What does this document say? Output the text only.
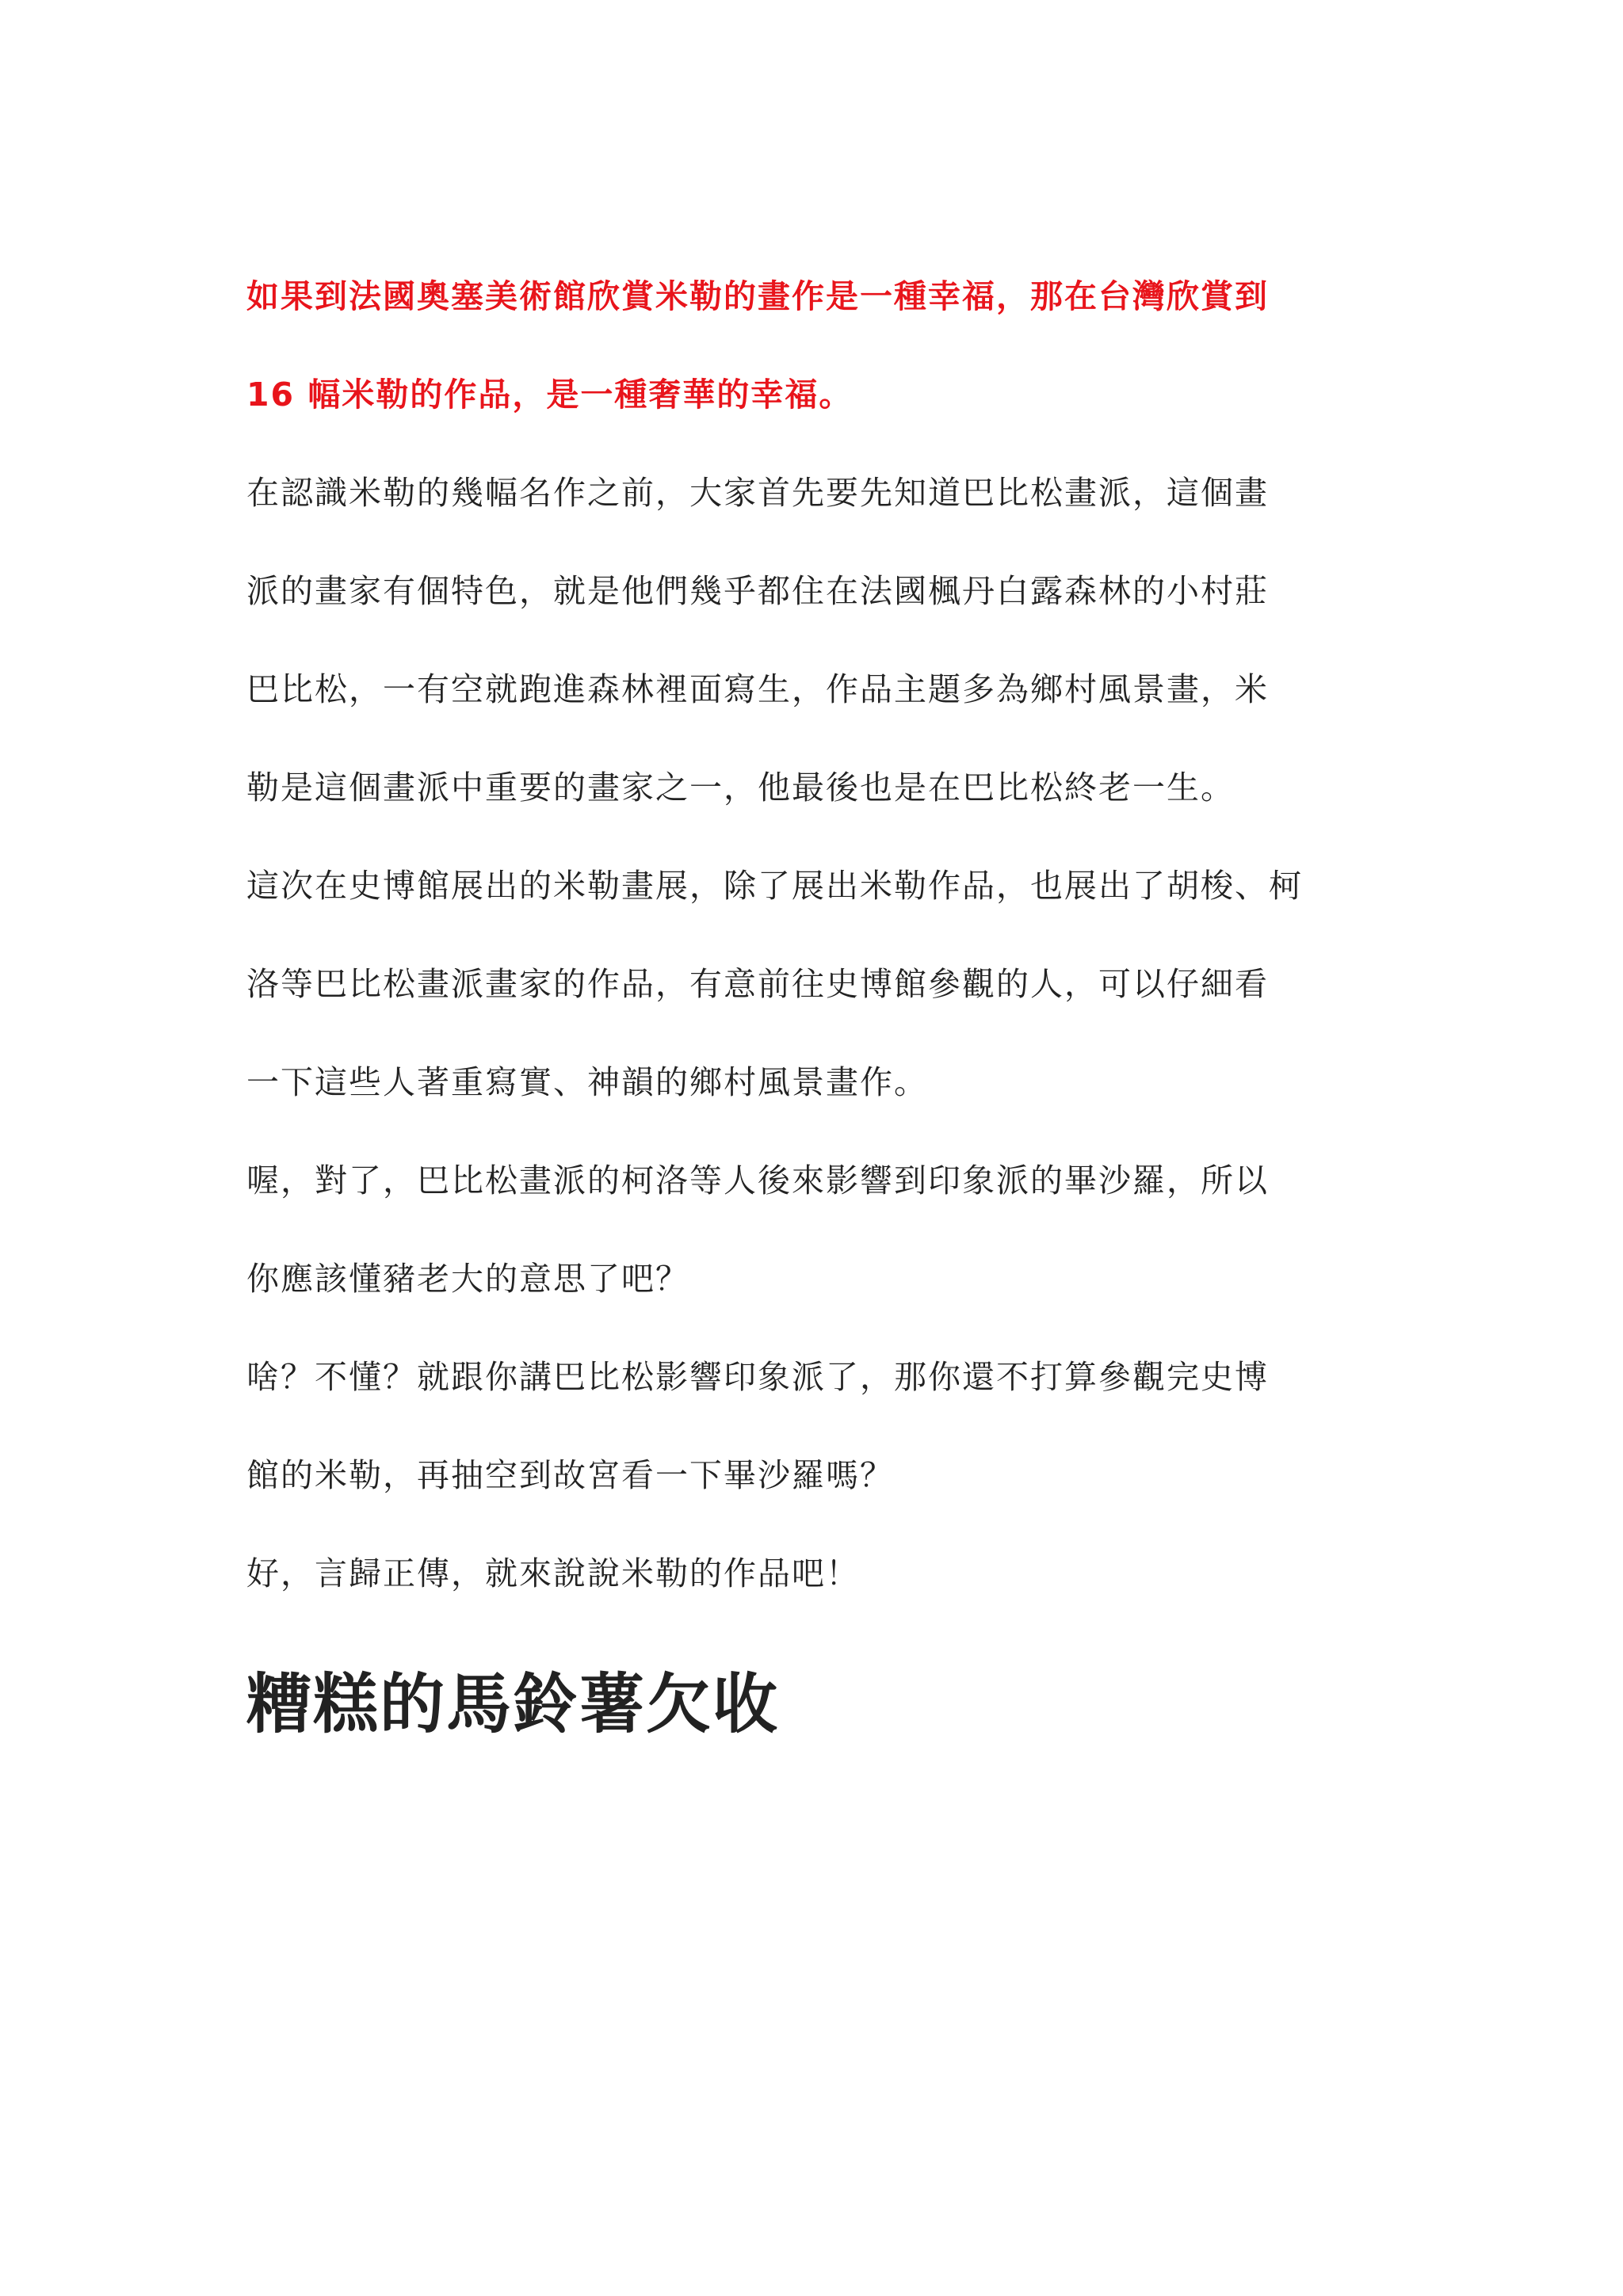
如果到法國奧塞美術館欣賞米勒的畫作是一種幸福，那在台灣欣賞到
16 幅米勒的作品，是一種奢華的幸福。
在認識米勒的幾幅名作之前，大家首先要先知道巴比松畫派，這個畫
派的畫家有個特色，就是他們幾乎都住在法國楓丹白露森林的小村莊
巴比松，一有空就跑進森林裡面寫生，作品主題多為鄉村風景畫，米
勒是這個畫派中重要的畫家之一，他最後也是在巴比松終老一生。
這次在史博館展出的米勒畫展，除了展出米勒作品，也展出了胡梭、柯
洛等巴比松畫派畫家的作品，有意前往史博館參觀的人，可以仔細看
一下這些人著重寫實、神韻的鄉村風景畫作。
喔，對了，巴比松畫派的柯洛等人後來影響到印象派的畢沙羅，所以
你應該懂豬老大的意思了吧？
啥？不懂？就跟你講巴比松影響印象派了，那你還不打算參觀完史博
館的米勒，再抽空到故宮看一下畢沙羅嗎？
好，言歸正傳，就來說說米勒的作品吧！
糟糕的馬鈴薯欠收
